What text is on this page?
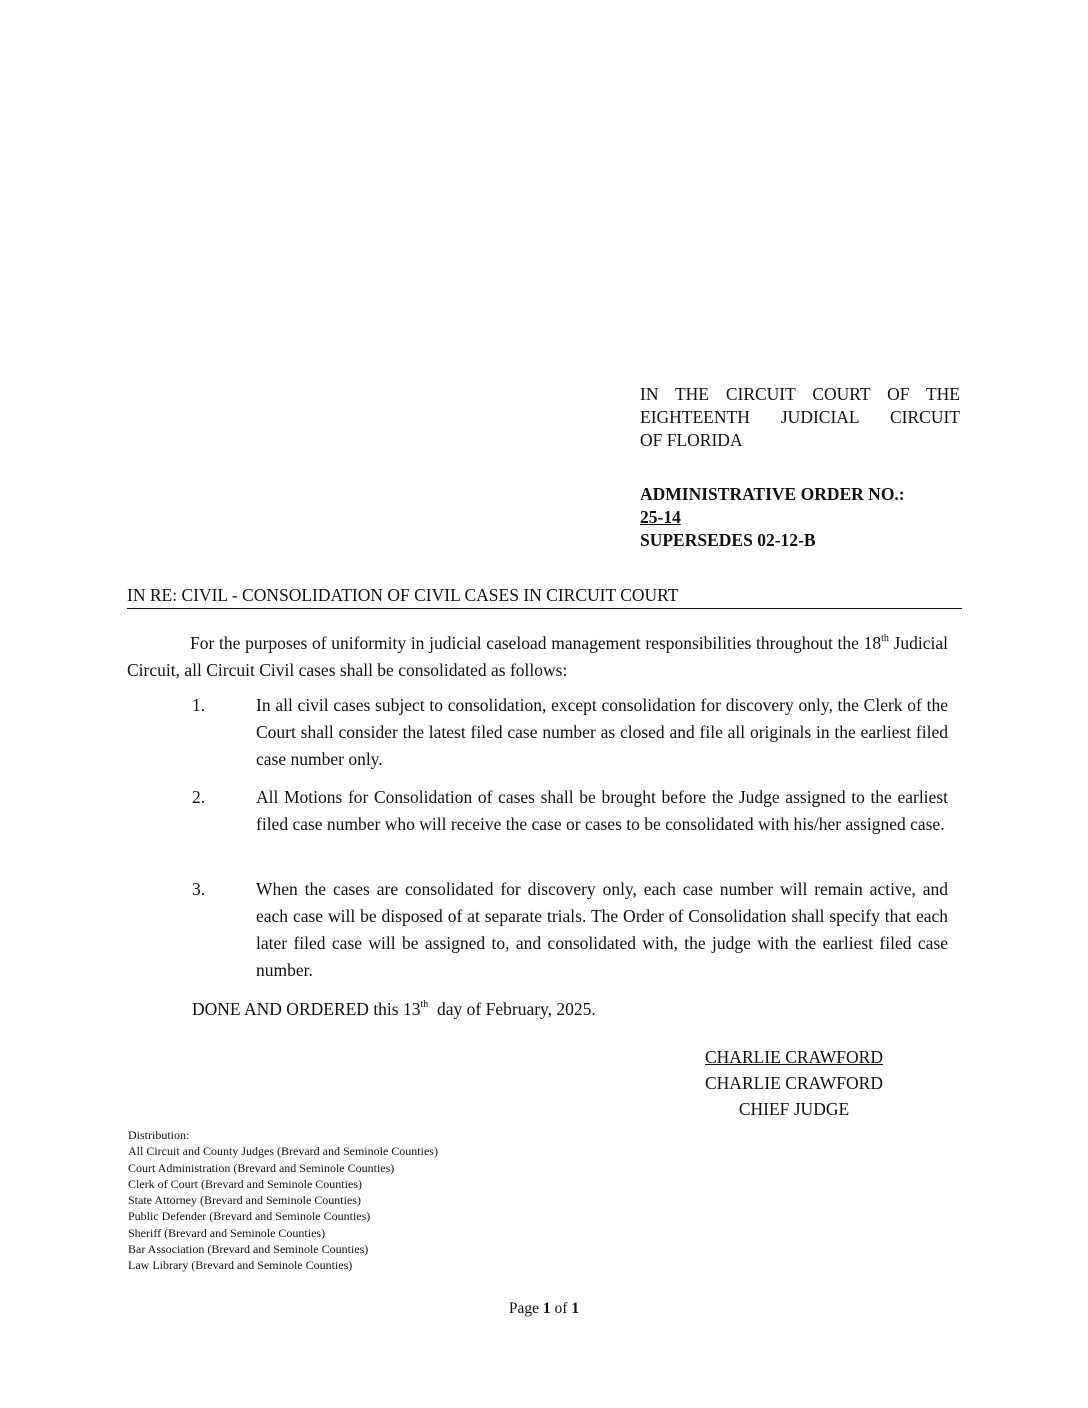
IN THE CIRCUIT COURT OF THE
EIGHTEENTH JUDICIAL CIRCUIT
OF FLORIDA
ADMINISTRATIVE ORDER NO.:
25-14
SUPERSEDES 02-12-B
IN RE: CIVIL - CONSOLIDATION OF CIVIL CASES IN CIRCUIT COURT
For the purposes of uniformity in judicial caseload management responsibilities throughout the 18th Judicial Circuit, all Circuit Civil cases shall be consolidated as follows:
1.	In all civil cases subject to consolidation, except consolidation for discovery only, the Clerk of the Court shall consider the latest filed case number as closed and file all originals in the earliest filed case number only.
2.	All Motions for Consolidation of cases shall be brought before the Judge assigned to the earliest filed case number who will receive the case or cases to be consolidated with his/her assigned case.
3.	When the cases are consolidated for discovery only, each case number will remain active, and each case will be disposed of at separate trials. The Order of Consolidation shall specify that each later filed case will be assigned to, and consolidated with, the judge with the earliest filed case number.
DONE AND ORDERED this 13th  day of February, 2025.
CHARLIE CRAWFORD
CHARLIE CRAWFORD
CHIEF JUDGE
Distribution:
All Circuit and County Judges (Brevard and Seminole Counties)
Court Administration (Brevard and Seminole Counties)
Clerk of Court (Brevard and Seminole Counties)
State Attorney (Brevard and Seminole Counties)
Public Defender (Brevard and Seminole Counties)
Sheriff (Brevard and Seminole Counties)
Bar Association (Brevard and Seminole Counties)
Law Library (Brevard and Seminole Counties)
Page 1 of 1
